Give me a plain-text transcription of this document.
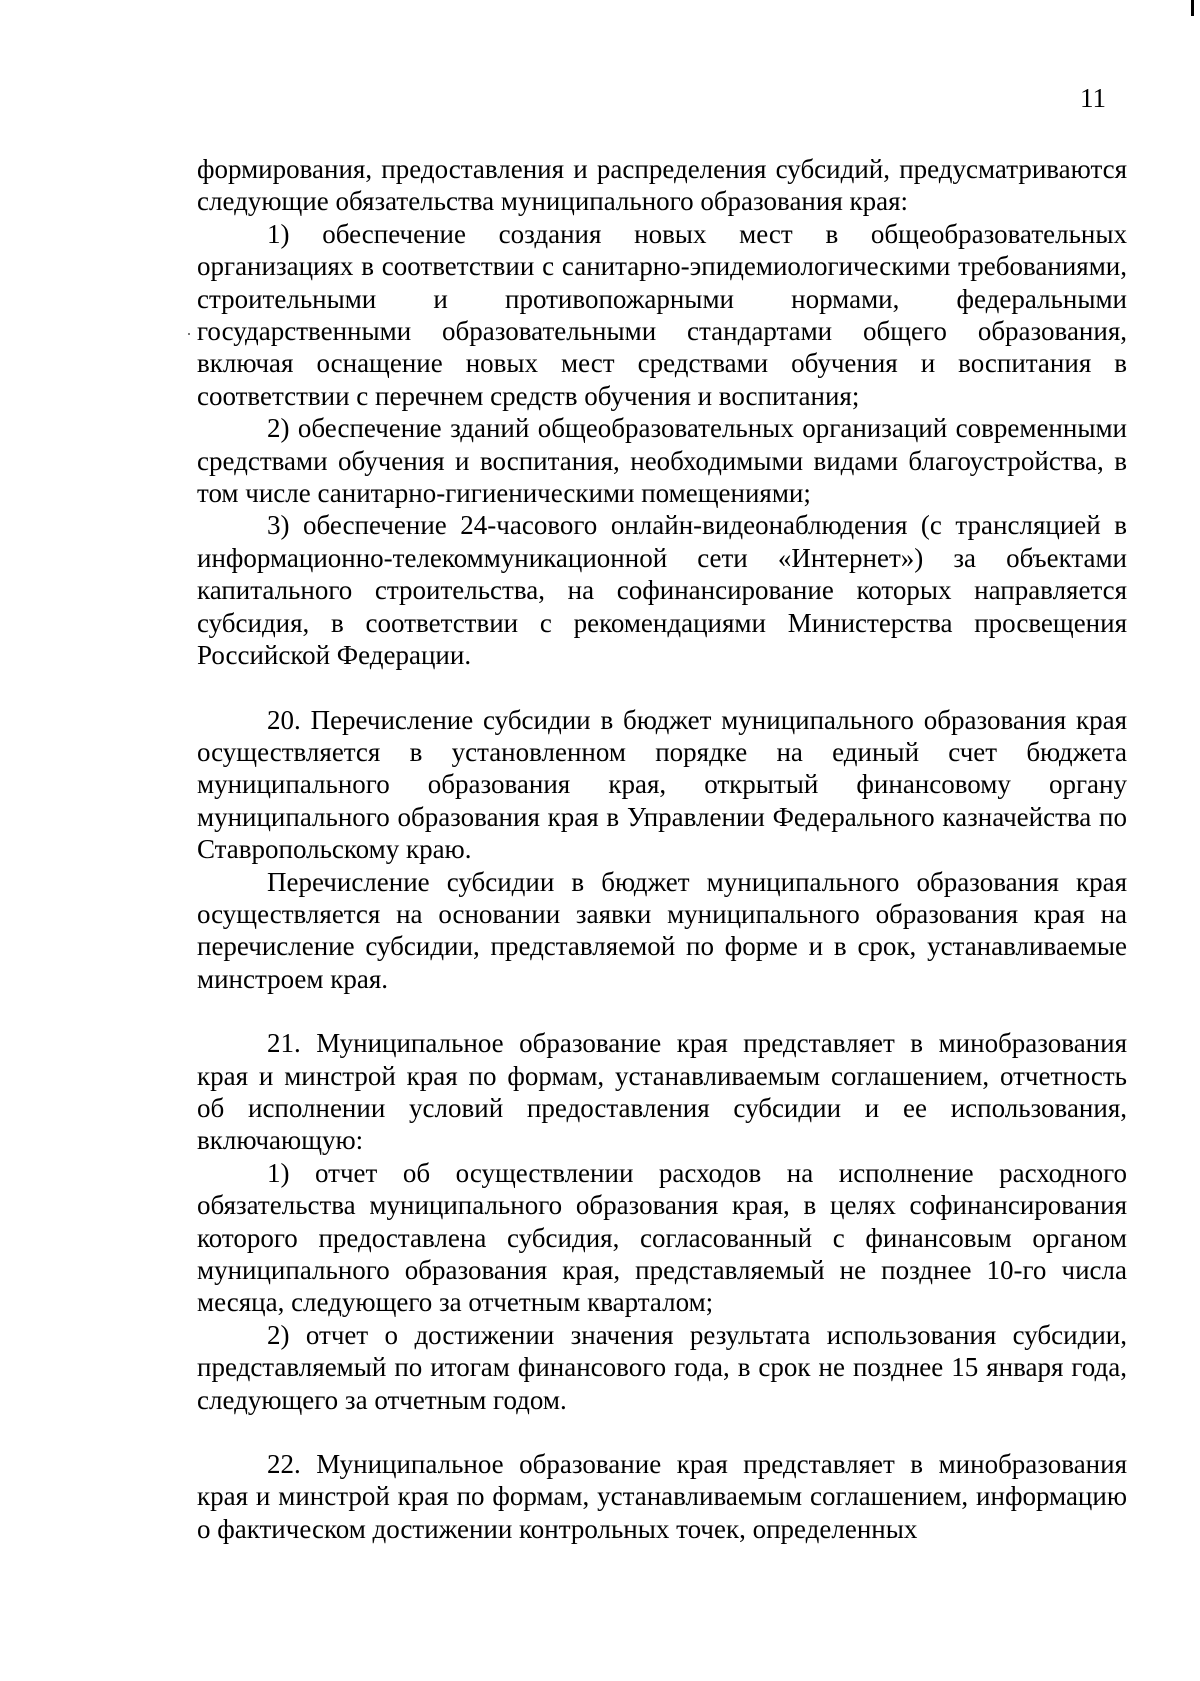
11

формирования, предоставления и распределения субсидий, предусматриваются следующие обязательства муниципального образования края:

1) обеспечение создания новых мест в общеобразовательных организациях в соответствии с санитарно-эпидемиологическими требованиями, строительными и противопожарными нормами, федеральными государственными образовательными стандартами общего образования, включая оснащение новых мест средствами обучения и воспитания в соответствии с перечнем средств обучения и воспитания;

2) обеспечение зданий общеобразовательных организаций современными средствами обучения и воспитания, необходимыми видами благоустройства, в том числе санитарно-гигиеническими помещениями;

3) обеспечение 24-часового онлайн-видеонаблюдения (с трансляцией в информационно-телекоммуникационной сети «Интернет») за объектами капитального строительства, на софинансирование которых направляется субсидия, в соответствии с рекомендациями Министерства просвещения Российской Федерации.

20. Перечисление субсидии в бюджет муниципального образования края осуществляется в установленном порядке на единый счет бюджета муниципального образования края, открытый финансовому органу муниципального образования края в Управлении Федерального казначейства по Ставропольскому краю.

Перечисление субсидии в бюджет муниципального образования края осуществляется на основании заявки муниципального образования края на перечисление субсидии, представляемой по форме и в срок, устанавливаемые минстроем края.

21. Муниципальное образование края представляет в минобразования края и минстрой края по формам, устанавливаемым соглашением, отчетность об исполнении условий предоставления субсидии и ее использования, включающую:

1) отчет об осуществлении расходов на исполнение расходного обязательства муниципального образования края, в целях софинансирования которого предоставлена субсидия, согласованный с финансовым органом муниципального образования края, представляемый не позднее 10-го числа месяца, следующего за отчетным кварталом;

2) отчет о достижении значения результата использования субсидии, представляемый по итогам финансового года, в срок не позднее 15 января года, следующего за отчетным годом.

22. Муниципальное образование края представляет в минобразования края и минстрой края по формам, устанавливаемым соглашением, информацию о фактическом достижении контрольных точек, определенных
